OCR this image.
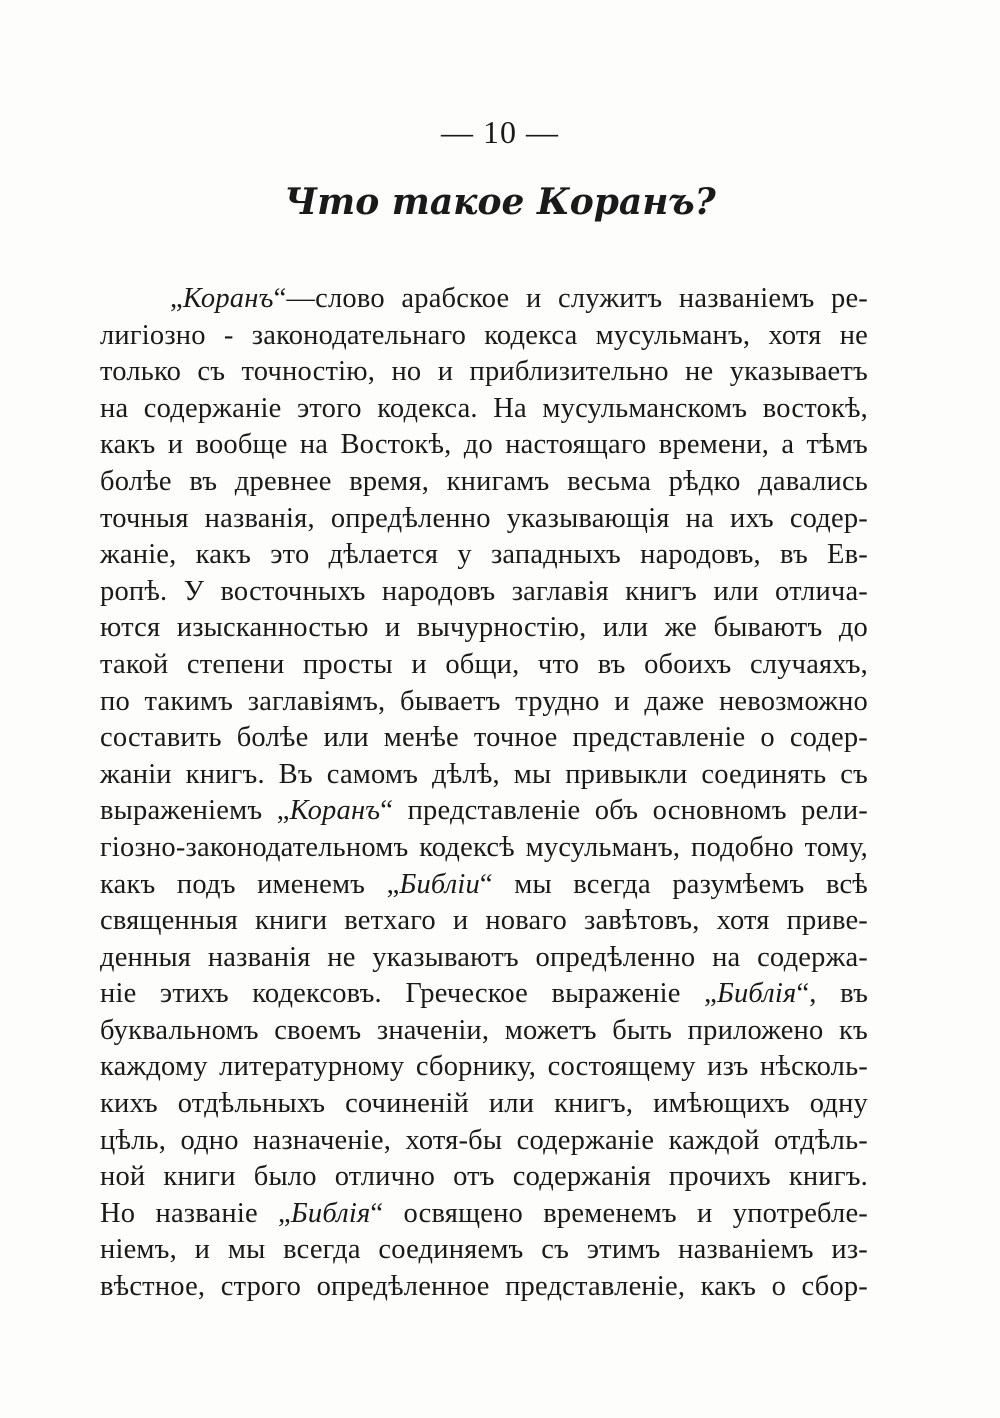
— 10 —
Что такое Коранъ?
„Коранъ“—слово арабское и служитъ названіемъ ре-
лигіозно - законодательнаго кодекса мусульманъ, хотя не
только съ точностію, но и приблизительно не указываетъ
на содержаніе этого кодекса. На мусульманскомъ востокѣ,
какъ и вообще на Востокѣ, до настоящаго времени, а тѣмъ
болѣе въ древнее время, книгамъ весьма рѣдко давались
точныя названія, опредѣленно указывающія на ихъ содер-
жаніе, какъ это дѣлается у западныхъ народовъ, въ Ев-
ропѣ. У восточныхъ народовъ заглавія книгъ или отлича-
ются изысканностью и вычурностію, или же бываютъ до
такой степени просты и общи, что въ обоихъ случаяхъ,
по такимъ заглавіямъ, бываетъ трудно и даже невозможно
составить болѣе или менѣе точное представленіе о содер-
жаніи книгъ. Въ самомъ дѣлѣ, мы привыкли соединять съ
выраженіемъ „Коранъ“ представленіе объ основномъ рели-
гіозно-законодательномъ кодексѣ мусульманъ, подобно тому,
какъ подъ именемъ „Библіи“ мы всегда разумѣемъ всѣ
священныя книги ветхаго и новаго завѣтовъ, хотя приве-
денныя названія не указываютъ опредѣленно на содержа-
ніе этихъ кодексовъ. Греческое выраженіе „Библія“, въ
буквальномъ своемъ значеніи, можетъ быть приложено къ
каждому литературному сборнику, состоящему изъ нѣсколь-
кихъ отдѣльныхъ сочиненій или книгъ, имѣющихъ одну
цѣль, одно назначеніе, хотя-бы содержаніе каждой отдѣль-
ной книги было отлично отъ содержанія прочихъ книгъ.
Но названіе „Библія“ освящено временемъ и употребле-
ніемъ, и мы всегда соединяемъ съ этимъ названіемъ из-
вѣстное, строго опредѣленное представленіе, какъ о сбор-
